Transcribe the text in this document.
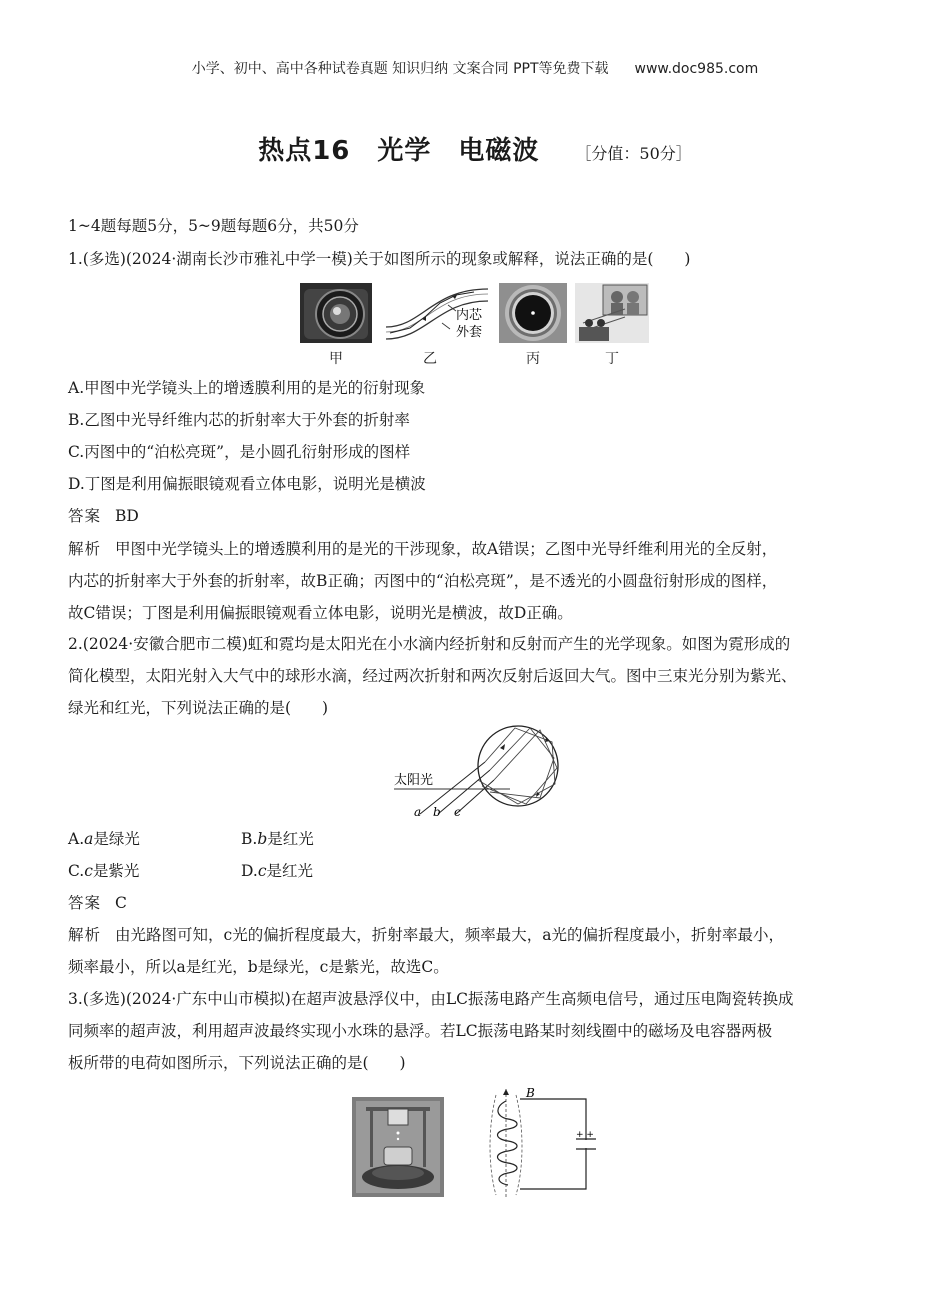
小学、初中、高中各种试卷真题 知识归纳 文案合同 PPT等免费下载 www.doc985.com
热点16　光学　电磁波 ［分值：50分］
1~4题每题5分，5~9题每题6分，共50分
1.(多选)(2024·湖南长沙市雅礼中学一模)关于如图所示的现象或解释，说法正确的是(　　)
内芯
外套
甲	乙	丙	丁
A.甲图中光学镜头上的增透膜利用的是光的衍射现象
B.乙图中光导纤维内芯的折射率大于外套的折射率
C.丙图中的“泊松亮斑”，是小圆孔衍射形成的图样
D.丁图是利用偏振眼镜观看立体电影，说明光是横波
答案 BD
解析 甲图中光学镜头上的增透膜利用的是光的干涉现象，故A错误；乙图中光导纤维利用光的全反射，
内芯的折射率大于外套的折射率，故B正确；丙图中的“泊松亮斑”，是不透光的小圆盘衍射形成的图样，
故C错误；丁图是利用偏振眼镜观看立体电影，说明光是横波，故D正确。
2.(2024·安徽合肥市二模)虹和霓均是太阳光在小水滴内经折射和反射而产生的光学现象。如图为霓形成的
简化模型，太阳光射入大气中的球形水滴，经过两次折射和两次反射后返回大气。图中三束光分别为紫光、
绿光和红光，下列说法正确的是(　　)
太阳光
a b c
A.a是绿光	B.b是红光
C.c是紫光	D.c是红光
答案 C
解析 由光路图可知，c光的偏折程度最大，折射率最大，频率最大，a光的偏折程度最小，折射率最小，
频率最小，所以a是红光，b是绿光，c是紫光，故选C。
3.(多选)(2024·广东中山市模拟)在超声波悬浮仪中，由LC振荡电路产生高频电信号，通过压电陶瓷转换成
同频率的超声波，利用超声波最终实现小水珠的悬浮。若LC振荡电路某时刻线圈中的磁场及电容器两极
板所带的电荷如图所示，下列说法正确的是(　　)
+ +
B
